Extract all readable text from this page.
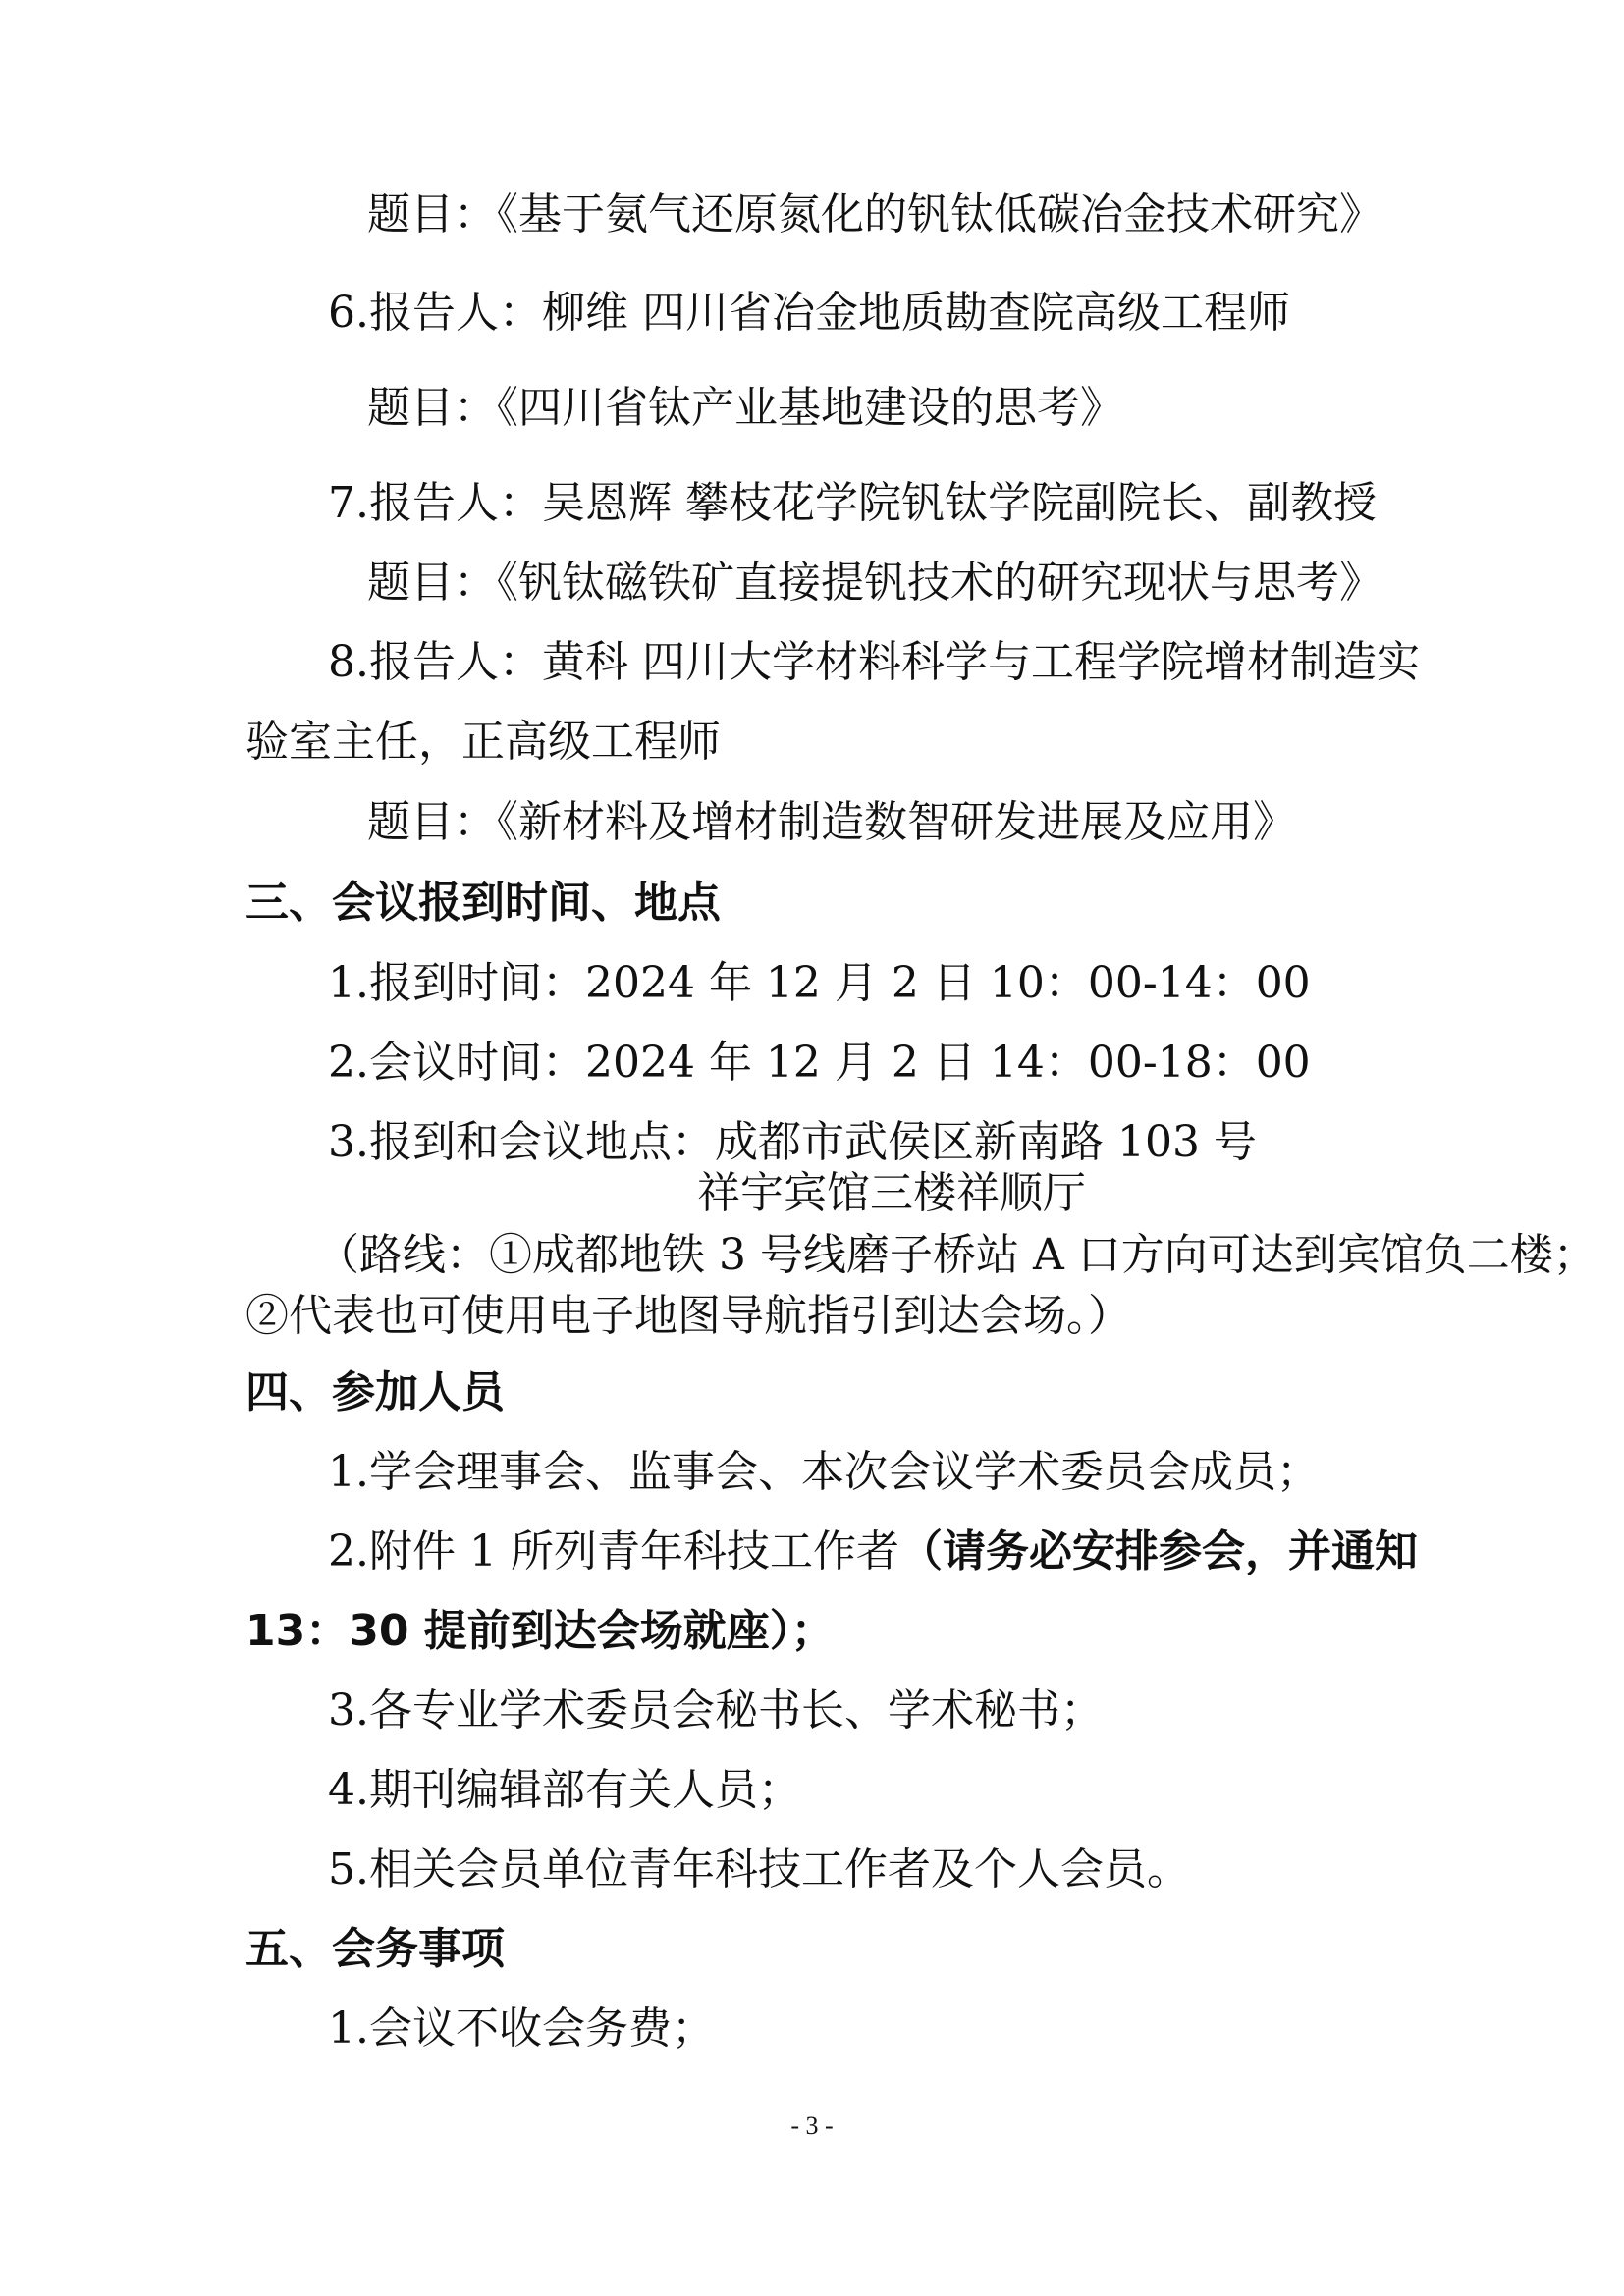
题目：《基于氨气还原氮化的钒钛低碳冶金技术研究》
6.报告人：柳维 四川省冶金地质勘查院高级工程师
题目：《四川省钛产业基地建设的思考》
7.报告人：吴恩辉 攀枝花学院钒钛学院副院长、副教授
题目：《钒钛磁铁矿直接提钒技术的研究现状与思考》
8.报告人：黄科 四川大学材料科学与工程学院增材制造实
验室主任，正高级工程师
题目：《新材料及增材制造数智研发进展及应用》
三、会议报到时间、地点
1.报到时间：2024 年 12 月 2 日 10：00-14：00
2.会议时间：2024 年 12 月 2 日 14：00-18：00
3.报到和会议地点：成都市武侯区新南路 103 号
祥宇宾馆三楼祥顺厅
（路线：①成都地铁 3 号线磨子桥站 A 口方向可达到宾馆负二楼；
②代表也可使用电子地图导航指引到达会场。）
四、参加人员
1.学会理事会、监事会、本次会议学术委员会成员；
2.附件 1 所列青年科技工作者（请务必安排参会，并通知
13：30 提前到达会场就座）；
3.各专业学术委员会秘书长、学术秘书；
4.期刊编辑部有关人员；
5.相关会员单位青年科技工作者及个人会员。
五、会务事项
1.会议不收会务费；
- 3 -
